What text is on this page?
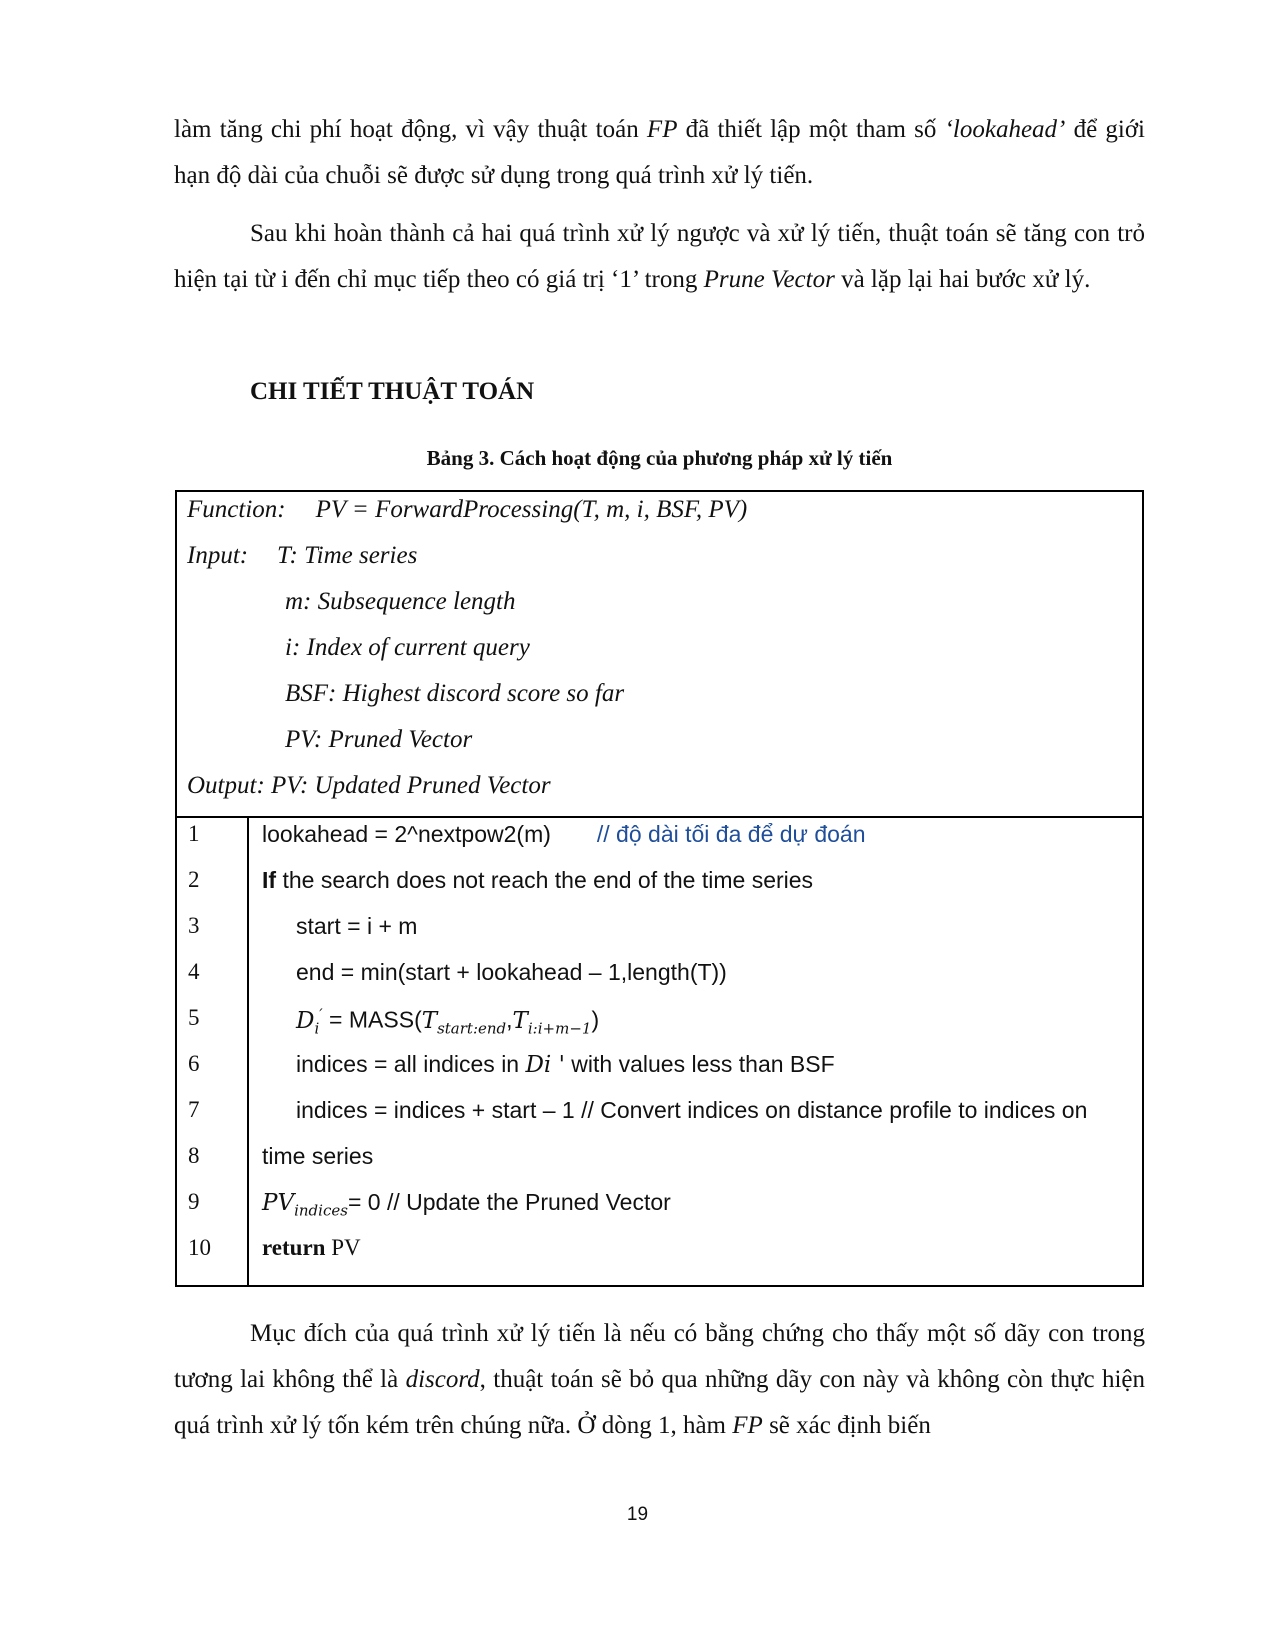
làm tăng chi phí hoạt động, vì vậy thuật toán FP đã thiết lập một tham số ‘lookahead’ để giới hạn độ dài của chuỗi sẽ được sử dụng trong quá trình xử lý tiến.

Sau khi hoàn thành cả hai quá trình xử lý ngược và xử lý tiến, thuật toán sẽ tăng con trỏ hiện tại từ i đến chỉ mục tiếp theo có giá trị ‘1’ trong Prune Vector và lặp lại hai bước xử lý.

CHI TIẾT THUẬT TOÁN

Bảng 3. Cách hoạt động của phương pháp xử lý tiến

Function: PV = ForwardProcessing(T, m, i, BSF, PV)
Input: T: Time series
m: Subsequence length
i: Index of current query
BSF: Highest discord score so far
PV: Pruned Vector
Output: PV: Updated Pruned Vector
1
2
3
4
5
6
7
8
9
10
lookahead = 2^nextpow2(m) // độ dài tối đa để dự đoán
If the search does not reach the end of the time series
start = i + m
end = min(start + lookahead – 1,length(T))
$D_i'$ = $MASS(T_{start:end},T_{i:i+m-1})$
indices = all indices in Di ' with values less than BSF
indices = indices + start – 1 // Convert indices on distance profile to indices on
time series
$PV_{indices}= 0$ // Update the Pruned Vector
return PV

Mục đích của quá trình xử lý tiến là nếu có bằng chứng cho thấy một số dãy con trong tương lai không thể là discord, thuật toán sẽ bỏ qua những dãy con này và không còn thực hiện quá trình xử lý tốn kém trên chúng nữa. Ở dòng 1, hàm FP sẽ xác định biến

19
